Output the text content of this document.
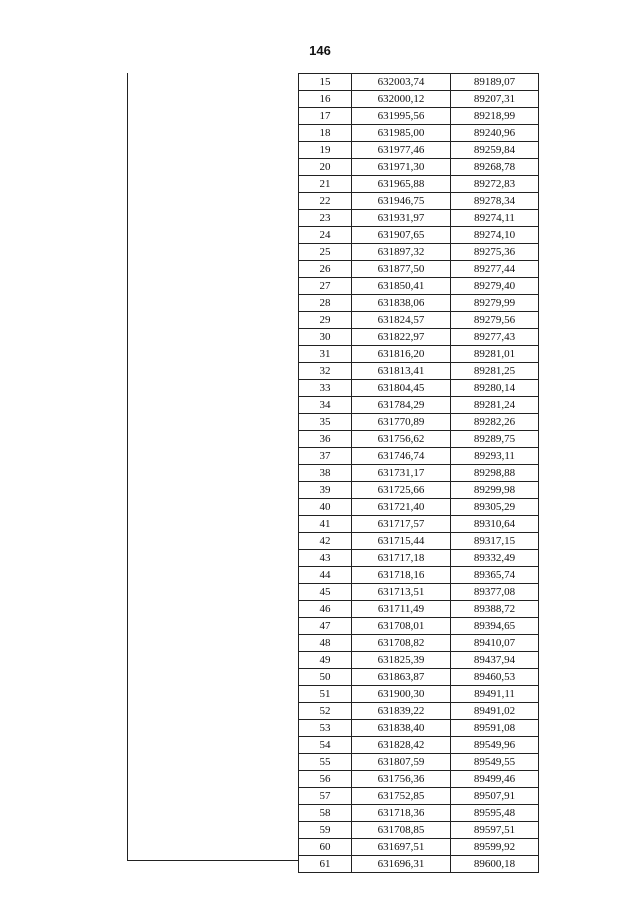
146
15	632003,74	89189,07
16	632000,12	89207,31
17	631995,56	89218,99
18	631985,00	89240,96
19	631977,46	89259,84
20	631971,30	89268,78
21	631965,88	89272,83
22	631946,75	89278,34
23	631931,97	89274,11
24	631907,65	89274,10
25	631897,32	89275,36
26	631877,50	89277,44
27	631850,41	89279,40
28	631838,06	89279,99
29	631824,57	89279,56
30	631822,97	89277,43
31	631816,20	89281,01
32	631813,41	89281,25
33	631804,45	89280,14
34	631784,29	89281,24
35	631770,89	89282,26
36	631756,62	89289,75
37	631746,74	89293,11
38	631731,17	89298,88
39	631725,66	89299,98
40	631721,40	89305,29
41	631717,57	89310,64
42	631715,44	89317,15
43	631717,18	89332,49
44	631718,16	89365,74
45	631713,51	89377,08
46	631711,49	89388,72
47	631708,01	89394,65
48	631708,82	89410,07
49	631825,39	89437,94
50	631863,87	89460,53
51	631900,30	89491,11
52	631839,22	89491,02
53	631838,40	89591,08
54	631828,42	89549,96
55	631807,59	89549,55
56	631756,36	89499,46
57	631752,85	89507,91
58	631718,36	89595,48
59	631708,85	89597,51
60	631697,51	89599,92
61	631696,31	89600,18
